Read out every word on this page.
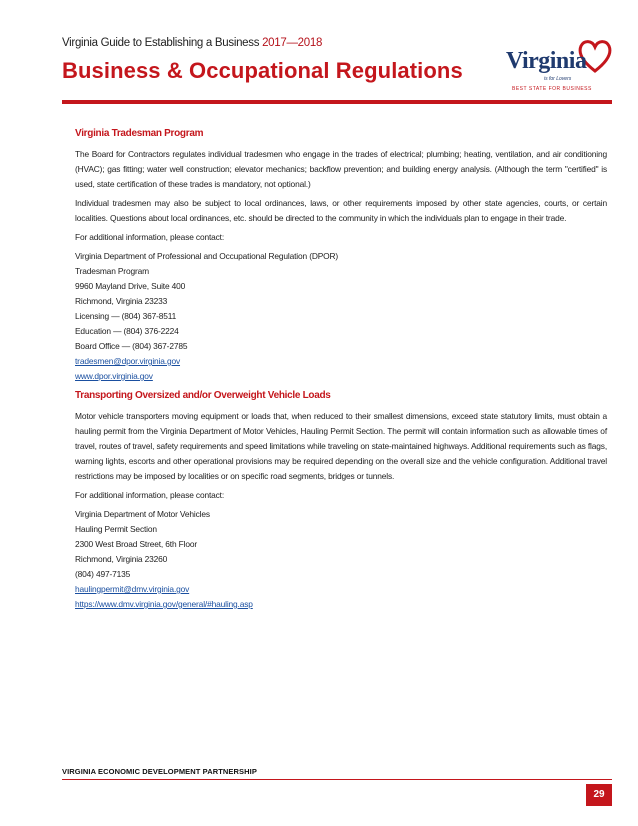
Virginia Guide to Establishing a Business 2017—2018
Business & Occupational Regulations Virginia
is for Lovers
BEST STATE FOR BUSINESS
Virginia Tradesman Program

The Board for Contractors regulates individual tradesmen who engage in the trades of electrical; plumbing; heating, ventilation, and air conditioning (HVAC); gas fitting; water well construction; elevator mechanics; backflow prevention; and building energy analysis. (Although the term "certified" is used, state certification of these trades is mandatory, not optional.)

Individual tradesmen may also be subject to local ordinances, laws, or other requirements imposed by other state agencies, courts, or certain localities. Questions about local ordinances, etc. should be directed to the community in which the individuals plan to engage in their trade.

For additional information, please contact:

Virginia Department of Professional and Occupational Regulation (DPOR)
Tradesman Program
9960 Mayland Drive, Suite 400
Richmond, Virginia 23233
Licensing — (804) 367-8511
Education — (804) 376-2224
Board Office — (804) 367-2785
tradesmen@dpor.virginia.gov
www.dpor.virginia.gov
Transporting Oversized and/or Overweight Vehicle Loads

Motor vehicle transporters moving equipment or loads that, when reduced to their smallest dimensions, exceed state statutory limits, must obtain a hauling permit from the Virginia Department of Motor Vehicles, Hauling Permit Section. The permit will contain information such as allowable times of travel, routes of travel, safety requirements and speed limitations while traveling on state-maintained highways. Additional requirements such as flags, warning lights, escorts and other operational provisions may be required depending on the overall size and the vehicle configuration. Additional travel restrictions may be imposed by localities or on specific road segments, bridges or tunnels.

For additional information, please contact:

Virginia Department of Motor Vehicles
Hauling Permit Section
2300 West Broad Street, 6th Floor
Richmond, Virginia 23260
(804) 497-7135
haulingpermit@dmv.virginia.gov
https://www.dmv.virginia.gov/general/#hauling.asp
VIRGINIA ECONOMIC DEVELOPMENT PARTNERSHIP
29
